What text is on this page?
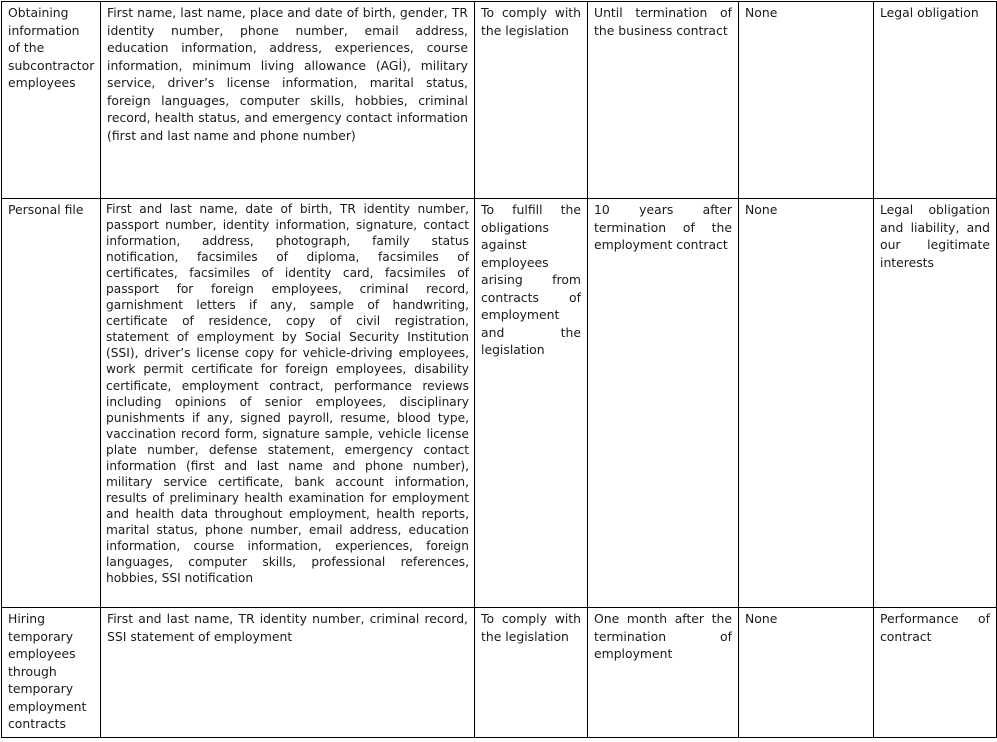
Obtaining information of the subcontractor employees	First name, last name, place and date of birth, gender, TR identity number, phone number, email address, education information, address, experiences, course information, minimum living allowance (AGİ), military service, driver’s license information, marital status, foreign languages, computer skills, hobbies, criminal record, health status, and emergency contact information (first and last name and phone number)	To comply with the legislation	Until termination of the business contract	None	Legal obligation
Personal file	First and last name, date of birth, TR identity number, passport number, identity information, signature, contact information, address, photograph, family status notification, facsimiles of diploma, facsimiles of certificates, facsimiles of identity card, facsimiles of passport for foreign employees, criminal record, garnishment letters if any, sample of handwriting, certificate of residence, copy of civil registration, statement of employment by Social Security Institution (SSI), driver’s license copy for vehicle-driving employees, work permit certificate for foreign employees, disability certificate, employment contract, performance reviews including opinions of senior employees, disciplinary punishments if any, signed payroll, resume, blood type, vaccination record form, signature sample, vehicle license plate number, defense statement, emergency contact information (first and last name and phone number), military service certificate, bank account information, results of preliminary health examination for employment and health data throughout employment, health reports, marital status, phone number, email address, education information, course information, experiences, foreign languages, computer skills, professional references, hobbies, SSI notification	To fulfill the obligations against employees arising from contracts of employment and the legislation	10 years after termination of the employment contract	None	Legal obligation and liability, and our legitimate interests
Hiring temporary employees through temporary employment contracts	First and last name, TR identity number, criminal record, SSI statement of employment	To comply with the legislation	One month after the termination of employment	None	Performance of contract
